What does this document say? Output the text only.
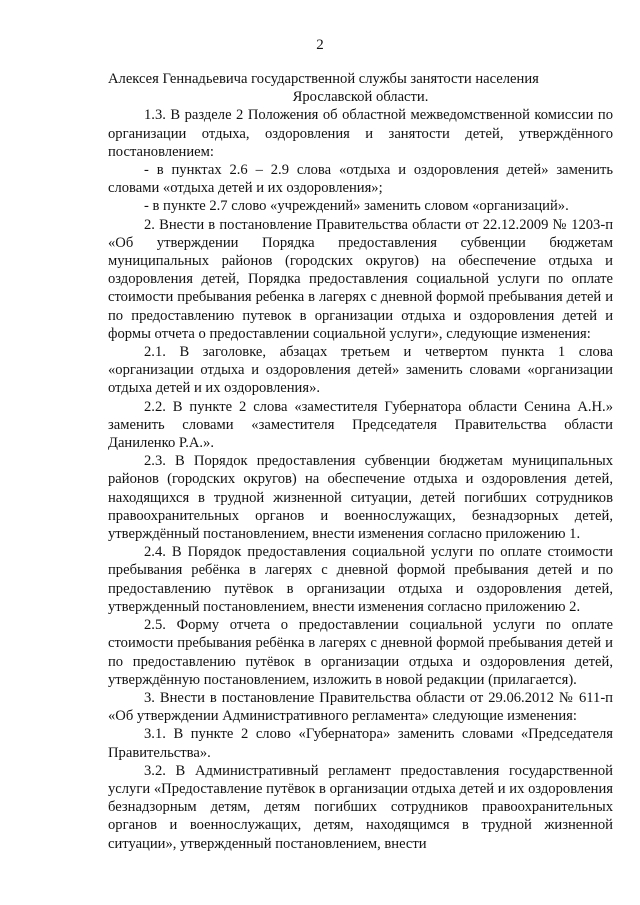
2

Алексея Геннадьевича государственной службы занятости населения

Ярославской области.

1.3. В разделе 2 Положения об областной межведомственной комиссии по организации отдыха, оздоровления и занятости детей, утверждённого постановлением:

- в пунктах 2.6 – 2.9 слова «отдыха и оздоровления детей» заменить словами «отдыха детей и их оздоровления»;

- в пункте 2.7 слово «учреждений» заменить словом «организаций».

2. Внести в постановление Правительства области от 22.12.2009 № 1203-п «Об утверждении Порядка предоставления субвенции бюджетам муниципальных районов (городских округов) на обеспечение отдыха и оздоровления детей, Порядка предоставления социальной услуги по оплате стоимости пребывания ребенка в лагерях с дневной формой пребывания детей и по предоставлению путевок в организации отдыха и оздоровления детей и формы отчета о предоставлении социальной услуги», следующие изменения:

2.1. В заголовке, абзацах третьем и четвертом пункта 1 слова «организации отдыха и оздоровления детей» заменить словами «организации отдыха детей и их оздоровления».

2.2. В пункте 2 слова «заместителя Губернатора области Сенина А.Н.» заменить словами «заместителя Председателя Правительства области Даниленко Р.А.».

2.3. В Порядок предоставления субвенции бюджетам муниципальных районов (городских округов) на обеспечение отдыха и оздоровления детей, находящихся в трудной жизненной ситуации, детей погибших сотрудников правоохранительных органов и военнослужащих, безнадзорных детей, утверждённый постановлением, внести изменения согласно приложению 1.

2.4. В Порядок предоставления социальной услуги по оплате стоимости пребывания ребёнка в лагерях с дневной формой пребывания детей и по предоставлению путёвок в организации отдыха и оздоровления детей, утвержденный постановлением, внести изменения согласно приложению 2.

2.5. Форму отчета о предоставлении социальной услуги по оплате стоимости пребывания ребёнка в лагерях с дневной формой пребывания детей и по предоставлению путёвок в организации отдыха и оздоровления детей, утверждённую постановлением, изложить в новой редакции (прилагается).

3. Внести в постановление Правительства области от 29.06.2012 № 611-п «Об утверждении Административного регламента» следующие изменения:

3.1. В пункте 2 слово «Губернатора» заменить словами «Председателя Правительства».

3.2. В Административный регламент предоставления государственной услуги «Предоставление путёвок в организации отдыха детей и их оздоровления безнадзорным детям, детям погибших сотрудников правоохранительных органов и военнослужащих, детям, находящимся в трудной жизненной ситуации», утвержденный постановлением, внести
